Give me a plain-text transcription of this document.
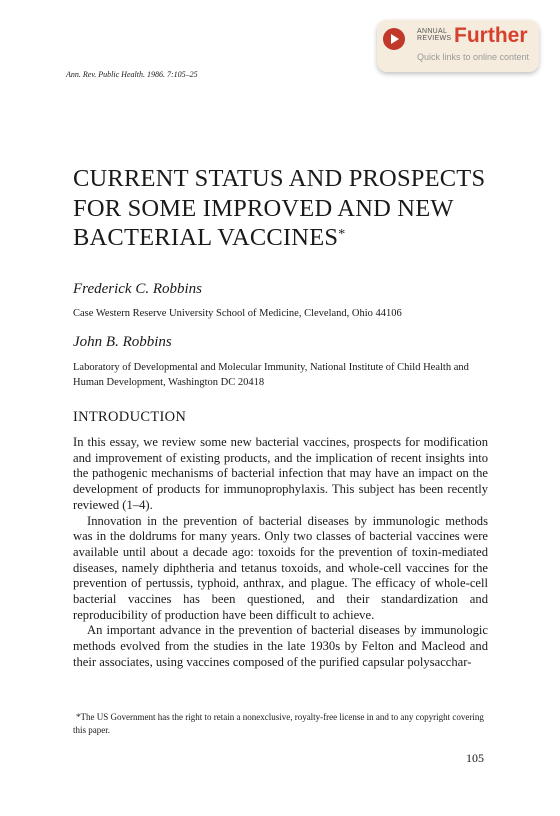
ANNUAL
REVIEWS Further
Quick links to online content
Ann. Rev. Public Health. 1986. 7:105–25
CURRENT STATUS AND PROSPECTS
FOR SOME IMPROVED AND NEW
BACTERIAL VACCINES*
Frederick C. Robbins
Case Western Reserve University School of Medicine, Cleveland, Ohio 44106
John B. Robbins
Laboratory of Developmental and Molecular Immunity, National Institute of Child Health and Human Development, Washington DC 20418
INTRODUCTION

In this essay, we review some new bacterial vaccines, prospects for modification and improvement of existing products, and the implication of recent insights into the pathogenic mechanisms of bacterial infection that may have an impact on the development of products for immunoprophylaxis. This subject has been recently reviewed (1–4).

Innovation in the prevention of bacterial diseases by immunologic methods was in the doldrums for many years. Only two classes of bacterial vaccines were available until about a decade ago: toxoids for the prevention of toxin-mediated diseases, namely diphtheria and tetanus toxoids, and whole-cell vaccines for the prevention of pertussis, typhoid, anthrax, and plague. The efficacy of whole-cell bacterial vaccines has been questioned, and their standardization and reproducibility of production have been difficult to achieve.

An important advance in the prevention of bacterial diseases by immunologic methods evolved from the studies in the late 1930s by Felton and Macleod and their associates, using vaccines composed of the purified capsular polysacchar-

*The US Government has the right to retain a nonexclusive, royalty-free license in and to any copyright covering this paper.

105
